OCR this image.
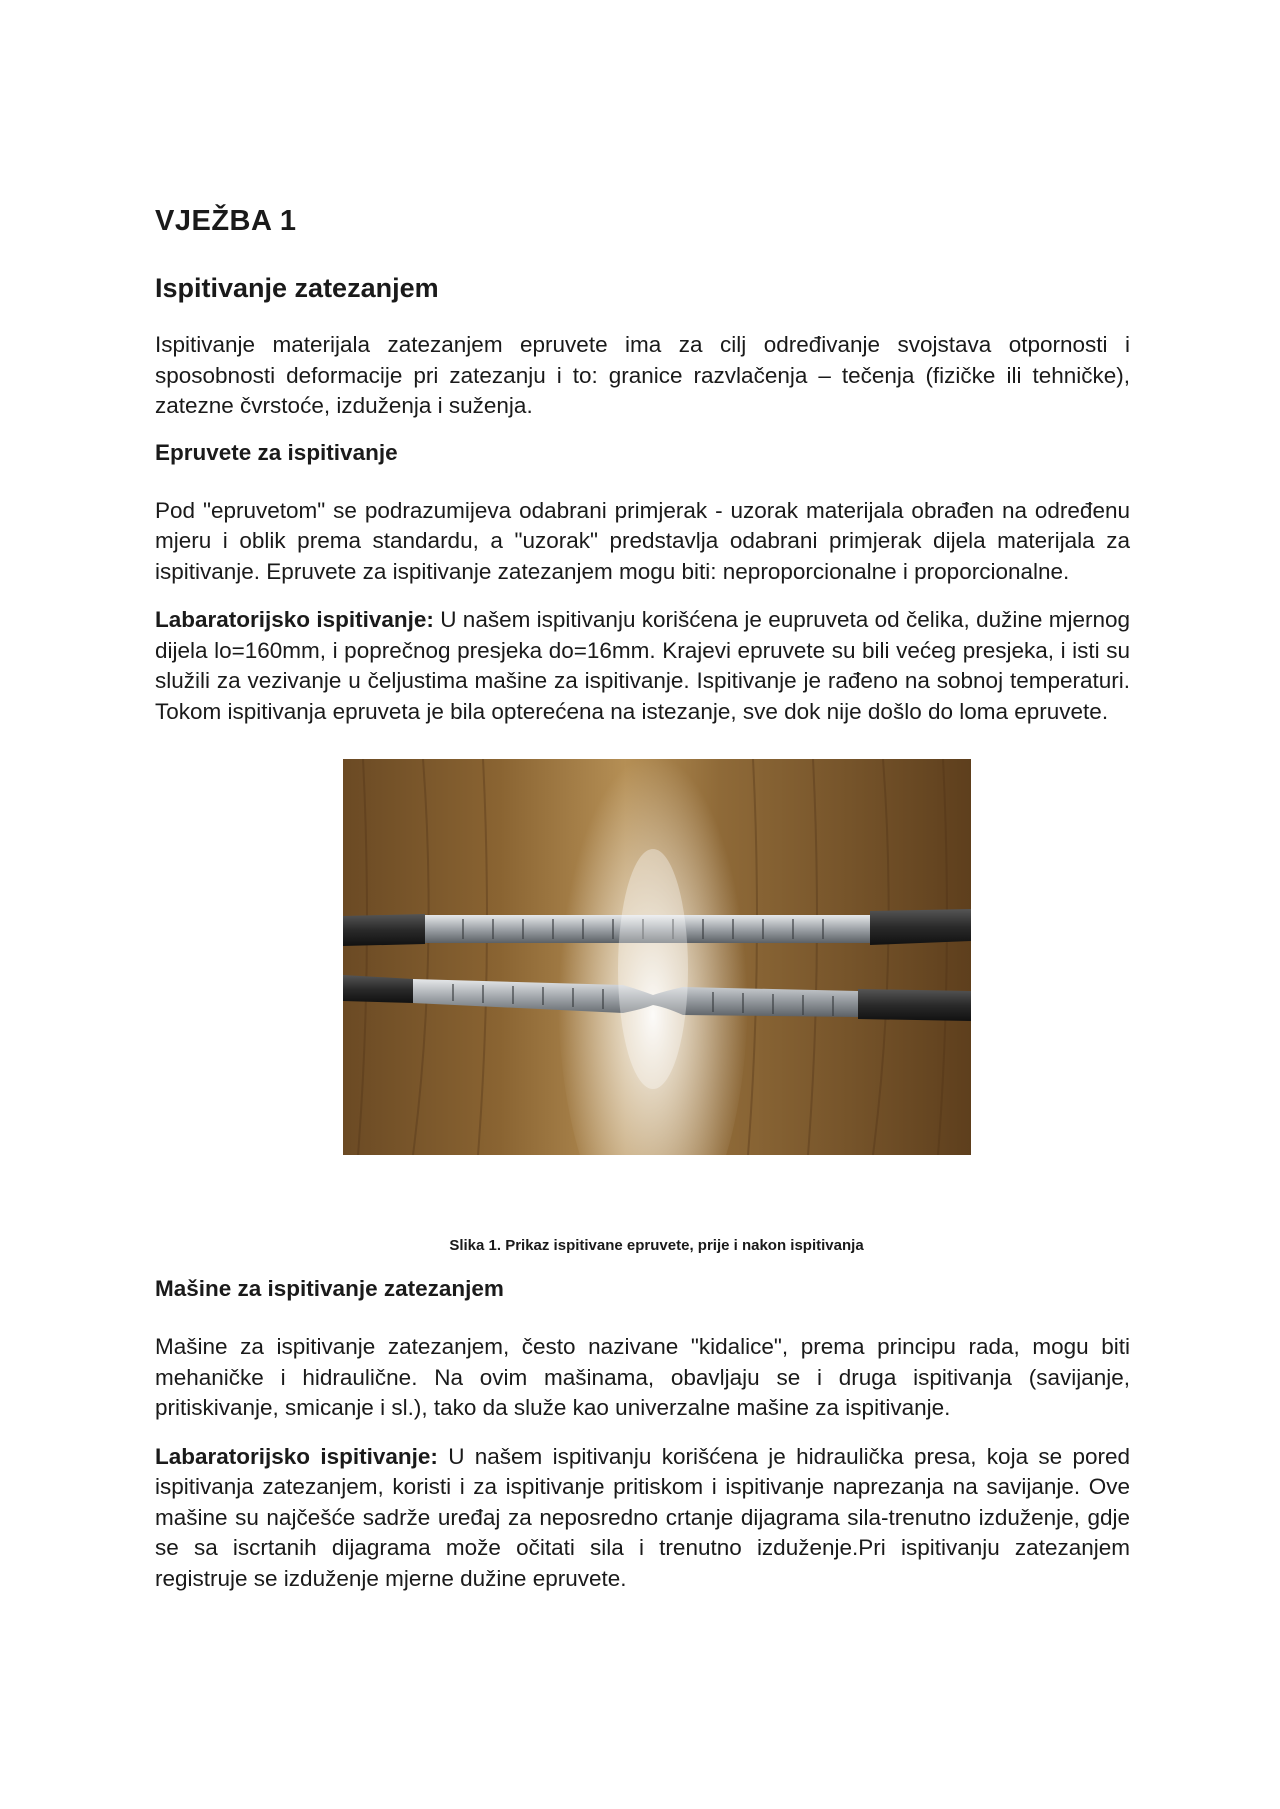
VJEŽBA 1
Ispitivanje zatezanjem

Ispitivanje materijala zatezanjem epruvete ima za cilj određivanje svojstava otpornosti i sposobnosti deformacije pri zatezanju i to: granice razvlačenja – tečenja (fizičke ili tehničke), zatezne čvrstoće, izduženja i suženja.

Epruvete za ispitivanje

Pod "epruvetom" se podrazumijeva odabrani primjerak - uzorak materijala obrađen na određenu mjeru i oblik prema standardu, a "uzorak" predstavlja odabrani primjerak dijela materijala za ispitivanje. Epruvete za ispitivanje zatezanjem mogu biti: neproporcionalne i proporcionalne.

Labaratorijsko ispitivanje: U našem ispitivanju korišćena je eupruveta od čelika, dužine mjernog dijela lo=160mm, i poprečnog presjeka do=16mm. Krajevi epruvete su bili većeg presjeka, i isti su služili za vezivanje u čeljustima mašine za ispitivanje. Ispitivanje je rađeno na sobnoj temperaturi. Tokom ispitivanja epruveta je bila opterećena na istezanje, sve dok nije došlo do loma epruvete.

Slika 1. Prikaz ispitivane epruvete, prije i nakon ispitivanja
Mašine za ispitivanje zatezanjem

Mašine za ispitivanje zatezanjem, često nazivane "kidalice", prema principu rada, mogu biti mehaničke i hidraulične. Na ovim mašinama, obavljaju se i druga ispitivanja (savijanje, pritiskivanje, smicanje i sl.), tako da služe kao univerzalne mašine za ispitivanje.

Labaratorijsko ispitivanje: U našem ispitivanju korišćena je hidraulička presa, koja se pored ispitivanja zatezanjem, koristi i za ispitivanje pritiskom i ispitivanje naprezanja na savijanje. Ove mašine su najčešće sadrže uređaj za neposredno crtanje dijagrama sila-trenutno izduženje, gdje se sa iscrtanih dijagrama može očitati sila i trenutno izduženje.Pri ispitivanju zatezanjem registruje se izduženje mjerne dužine epruvete.
